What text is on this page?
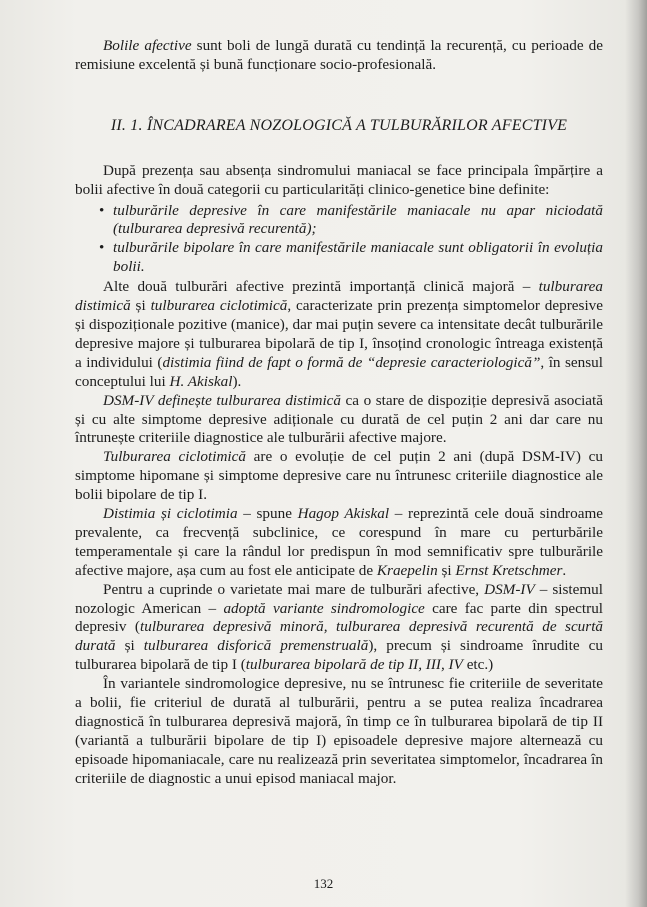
Bolile afective sunt boli de lungă durată cu tendință la recurență, cu perioade de remisiune excelentă și bună funcționare socio-profesională.

II. 1. ÎNCADRAREA NOZOLOGICĂ A TULBURĂRILOR AFECTIVE

După prezența sau absența sindromului maniacal se face principala împărțire a bolii afective în două categorii cu particularități clinico-genetice bine definite:

• tulburările depresive în care manifestările maniacale nu apar niciodată (tulburarea depresivă recurentă);
• tulburările bipolare în care manifestările maniacale sunt obligatorii în evoluția bolii.

Alte două tulburări afective prezintă importanță clinică majoră – tulburarea distimică și tulburarea ciclotimică, caracterizate prin prezența simptomelor depresive și dispoziționale pozitive (manice), dar mai puțin severe ca intensitate decât tulburările depresive majore și tulburarea bipolară de tip I, însoțind cronologic întreaga existență a individului (distimia fiind de fapt o formă de “depresie caracteriologică”, în sensul conceptului lui H. Akiskal).

DSM-IV definește tulburarea distimică ca o stare de dispoziție depresivă asociată și cu alte simptome depresive adiționale cu durată de cel puțin 2 ani dar care nu întrunește criteriile diagnostice ale tulburării afective majore.

Tulburarea ciclotimică are o evoluție de cel puțin 2 ani (după DSM-IV) cu simptome hipomane și simptome depresive care nu întrunesc criteriile diagnostice ale bolii bipolare de tip I.

Distimia și ciclotimia – spune Hagop Akiskal – reprezintă cele două sindroame prevalente, ca frecvență subclinice, ce corespund în mare cu perturbările temperamentale și care la rândul lor predispun în mod semnificativ spre tulburările afective majore, așa cum au fost ele anticipate de Kraepelin și Ernst Kretschmer.

Pentru a cuprinde o varietate mai mare de tulburări afective, DSM-IV – sistemul nozologic American – adoptă variante sindromologice care fac parte din spectrul depresiv (tulburarea depresivă minoră, tulburarea depresivă recurentă de scurtă durată și tulburarea disforică premenstruală), precum și sindroame înrudite cu tulburarea bipolară de tip I (tulburarea bipolară de tip II, III, IV etc.)

În variantele sindromologice depresive, nu se întrunesc fie criteriile de severitate a bolii, fie criteriul de durată al tulburării, pentru a se putea realiza încadrarea diagnostică în tulburarea depresivă majoră, în timp ce în tulburarea bipolară de tip II (variantă a tulburării bipolare de tip I) episoadele depresive majore alternează cu episoade hipomaniacale, care nu realizează prin severitatea simptomelor, încadrarea în criteriile de diagnostic a unui episod maniacal major.

132
